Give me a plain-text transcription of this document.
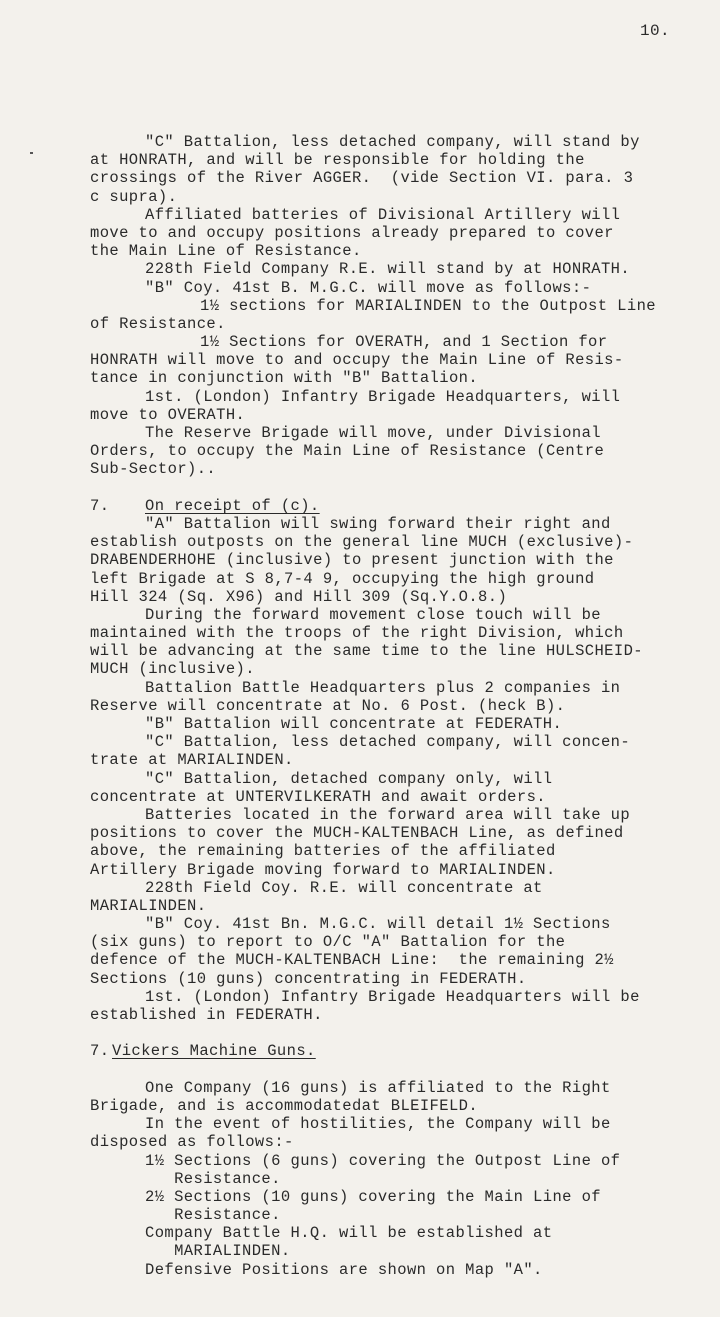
10.
"C" Battalion, less detached company, will stand by
at HONRATH, and will be responsible for holding the
crossings of the River AGGER.  (vide Section VI. para. 3
c supra).
Affiliated batteries of Divisional Artillery will
move to and occupy positions already prepared to cover
the Main Line of Resistance.
228th Field Company R.E. will stand by at HONRATH.
"B" Coy. 41st B. M.G.C. will move as follows:-
1½ sections for MARIALINDEN to the Outpost Line
of Resistance.
1½ Sections for OVERATH, and 1 Section for
HONRATH will move to and occupy the Main Line of Resis-
tance in conjunction with "B" Battalion.
1st. (London) Infantry Brigade Headquarters, will
move to OVERATH.
The Reserve Brigade will move, under Divisional
Orders, to occupy the Main Line of Resistance (Centre
Sub-Sector)..
7. On receipt of (c).
"A" Battalion will swing forward their right and
establish outposts on the general line MUCH (exclusive)-
DRABENDERHOHE (inclusive) to present junction with the
left Brigade at S 8,7-4 9, occupying the high ground
Hill 324 (Sq. X96) and Hill 309 (Sq.Y.O.8.)
During the forward movement close touch will be
maintained with the troops of the right Division, which
will be advancing at the same time to the line HULSCHEID-
MUCH (inclusive).
Battalion Battle Headquarters plus 2 companies in
Reserve will concentrate at No. 6 Post. (heck B).
"B" Battalion will concentrate at FEDERATH.
"C" Battalion, less detached company, will concen-
trate at MARIALINDEN.
"C" Battalion, detached company only, will
concentrate at UNTERVILKERATH and await orders.
Batteries located in the forward area will take up
positions to cover the MUCH-KALTENBACH Line, as defined
above, the remaining batteries of the affiliated
Artillery Brigade moving forward to MARIALINDEN.
228th Field Coy. R.E. will concentrate at
MARIALINDEN.
"B" Coy. 41st Bn. M.G.C. will detail 1½ Sections
(six guns) to report to O/C "A" Battalion for the
defence of the MUCH-KALTENBACH Line:  the remaining 2½
Sections (10 guns) concentrating in FEDERATH.
1st. (London) Infantry Brigade Headquarters will be
established in FEDERATH.
7. Vickers Machine Guns.
One Company (16 guns) is affiliated to the Right
Brigade, and is accommodatedat BLEIFELD.
In the event of hostilities, the Company will be
disposed as follows:-
1½ Sections (6 guns) covering the Outpost Line of
Resistance.
2½ Sections (10 guns) covering the Main Line of
Resistance.
Company Battle H.Q. will be established at
MARIALINDEN.
Defensive Positions are shown on Map "A".
